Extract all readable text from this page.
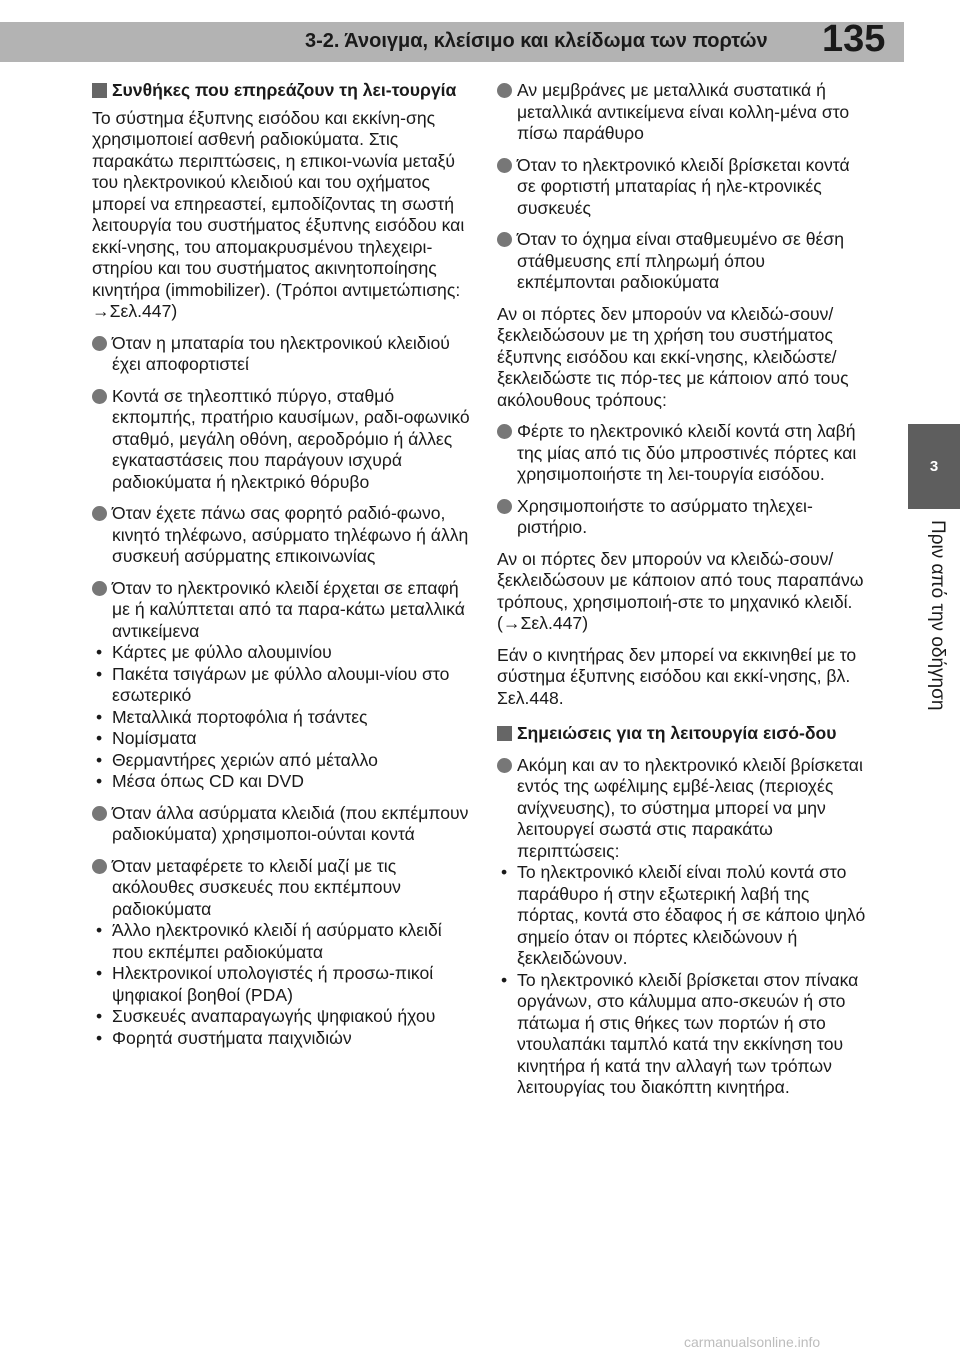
3-2. Άνοιγμα, κλείσιμο και κλείδωμα των πορτών 135
3
Πριν από την οδήγηση
Συνθήκες που επηρεάζουν τη λει-τουργία
Το σύστημα έξυπνης εισόδου και εκκίνη-σης χρησιμοποιεί ασθενή ραδιοκύματα. Στις παρακάτω περιπτώσεις, η επικοι-νωνία μεταξύ του ηλεκτρονικού κλειδιού και του οχήματος μπορεί να επηρεαστεί, εμποδίζοντας τη σωστή λειτουργία του συστήματος έξυπνης εισόδου και εκκί-νησης, του απομακρυσμένου τηλεχειρι-στηρίου και του συστήματος ακινητοποίησης κινητήρα (immobilizer). (Τρόποι αντιμετώπισης: →Σελ.447)
Όταν η μπαταρία του ηλεκτρονικού κλειδιού έχει αποφορτιστεί
Κοντά σε τηλεοπτικό πύργο, σταθμό εκπομπής, πρατήριο καυσίμων, ραδι-οφωνικό σταθμό, μεγάλη οθόνη, αεροδρόμιο ή άλλες εγκαταστάσεις που παράγουν ισχυρά ραδιοκύματα ή ηλεκτρικό θόρυβο
Όταν έχετε πάνω σας φορητό ραδιό-φωνο, κινητό τηλέφωνο, ασύρματο τηλέφωνο ή άλλη συσκευή ασύρματης επικοινωνίας
Όταν το ηλεκτρονικό κλειδί έρχεται σε επαφή με ή καλύπτεται από τα παρα-κάτω μεταλλικά αντικείμενα
• Κάρτες με φύλλο αλουμινίου
• Πακέτα τσιγάρων με φύλλο αλουμι-νίου στο εσωτερικό
• Μεταλλικά πορτοφόλια ή τσάντες
• Νομίσματα
• Θερμαντήρες χεριών από μέταλλο
• Μέσα όπως CD και DVD
Όταν άλλα ασύρματα κλειδιά (που εκπέμπουν ραδιοκύματα) χρησιμοποι-ούνται κοντά
Όταν μεταφέρετε το κλειδί μαζί με τις ακόλουθες συσκευές που εκπέμπουν ραδιοκύματα
• Άλλο ηλεκτρονικό κλειδί ή ασύρματο κλειδί που εκπέμπει ραδιοκύματα
• Ηλεκτρονικοί υπολογιστές ή προσω-πικοί ψηφιακοί βοηθοί (PDA)
• Συσκευές αναπαραγωγής ψηφιακού ήχου
• Φορητά συστήματα παιχνιδιών
Αν μεμβράνες με μεταλλικά συστατικά ή μεταλλικά αντικείμενα είναι κολλη-μένα στο πίσω παράθυρο
Όταν το ηλεκτρονικό κλειδί βρίσκεται κοντά σε φορτιστή μπαταρίας ή ηλε-κτρονικές συσκευές
Όταν το όχημα είναι σταθμευμένο σε θέση στάθμευσης επί πληρωμή όπου εκπέμπονται ραδιοκύματα
Αν οι πόρτες δεν μπορούν να κλειδώ-σουν/ξεκλειδώσουν με τη χρήση του συστήματος έξυπνης εισόδου και εκκί-νησης, κλειδώστε/ξεκλειδώστε τις πόρ-τες με κάποιον από τους ακόλουθους τρόπους:
Φέρτε το ηλεκτρονικό κλειδί κοντά στη λαβή της μίας από τις δύο μπροστινές πόρτες και χρησιμοποιήστε τη λει-τουργία εισόδου.
Χρησιμοποιήστε το ασύρματο τηλεχει-ριστήριο.
Αν οι πόρτες δεν μπορούν να κλειδώ-σουν/ξεκλειδώσουν με κάποιον από τους παραπάνω τρόπους, χρησιμοποιή-στε το μηχανικό κλειδί. (→Σελ.447)
Εάν ο κινητήρας δεν μπορεί να εκκινηθεί με το σύστημα έξυπνης εισόδου και εκκί-νησης, βλ. Σελ.448.
Σημειώσεις για τη λειτουργία εισό-δου
Ακόμη και αν το ηλεκτρονικό κλειδί βρίσκεται εντός της ωφέλιμης εμβέ-λειας (περιοχές ανίχνευσης), το σύστημα μπορεί να μην λειτουργεί σωστά στις παρακάτω περιπτώσεις:
• Το ηλεκτρονικό κλειδί είναι πολύ κοντά στο παράθυρο ή στην εξωτερική λαβή της πόρτας, κοντά στο έδαφος ή σε κάποιο ψηλό σημείο όταν οι πόρτες κλειδώνουν ή ξεκλειδώνουν.
• Το ηλεκτρονικό κλειδί βρίσκεται στον πίνακα οργάνων, στο κάλυμμα απο-σκευών ή στο πάτωμα ή στις θήκες των πορτών ή στο ντουλαπάκι ταμπλό κατά την εκκίνηση του κινητήρα ή κατά την αλλαγή των τρόπων λειτουργίας του διακόπτη κινητήρα.
carmanualsonline.info
